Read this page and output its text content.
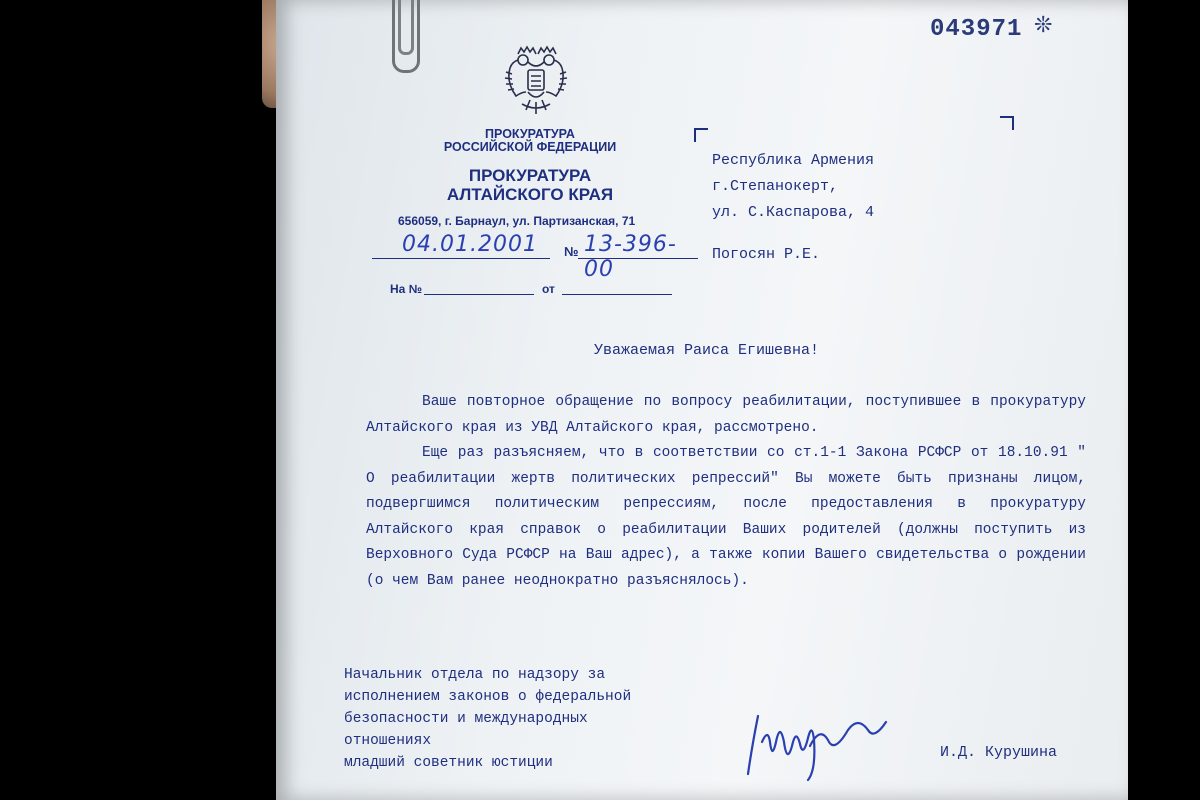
043971 ❊
ПРОКУРАТУРА
РОССИЙСКОЙ ФЕДЕРАЦИИ
ПРОКУРАТУРА
АЛТАЙСКОГО КРАЯ
656059, г. Барнаул, ул. Партизанская, 71
04.01.2001 13-396-00
№
На №	от
Республика Армения
г.Степанокерт,
ул. С.Каспарова, 4
Погосян Р.Е.
Уважаемая Раиса Егишевна!

Ваше повторное обращение по вопросу реабилитации, поступившее в прокуратуру Алтайского края из УВД Алтайского края, рассмотрено.

Еще раз разъясняем, что в соответствии со ст.1-1 Закона РСФСР от 18.10.91 " О реабилитации жертв политических репрессий" Вы можете быть признаны лицом, подвергшимся политическим репрессиям, после предоставления в прокуратуру Алтайского края справок о реабилитации Ваших родителей (должны поступить из Верховного Суда РСФСР на Ваш адрес), а также копии Вашего свидетельства о рождении (о чем Вам ранее неоднократно разъяснялось).

Начальник отдела по надзору за
исполнением законов о федеральной
безопасности и международных
отношениях
младший советник юстиции
И.Д. Курушина
